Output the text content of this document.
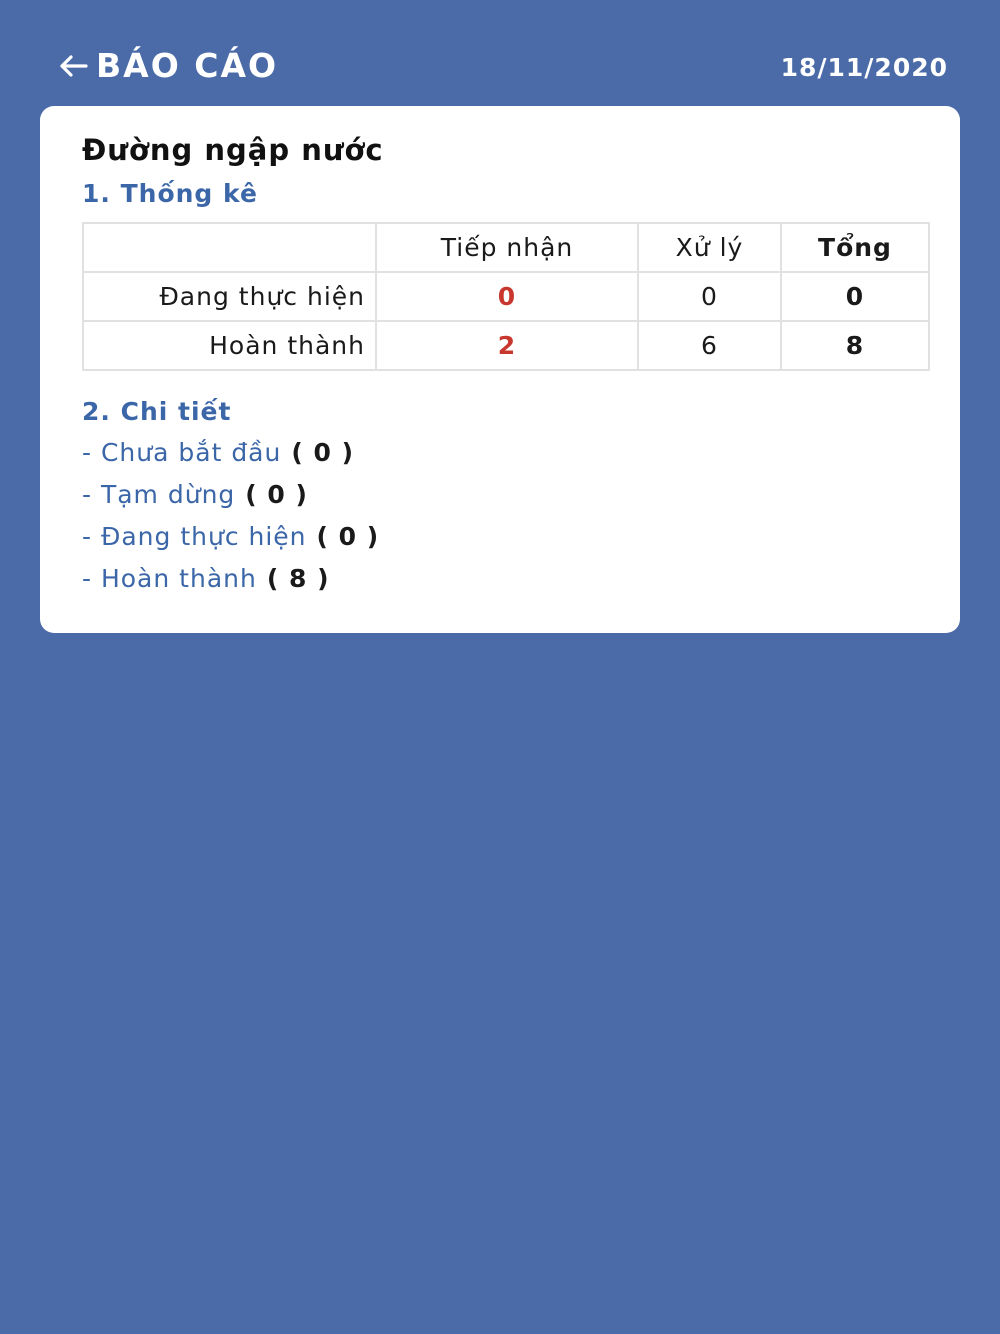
BÁO CÁO	18/11/2020
Đường ngập nước
1. Thống kê
	Tiếp nhận	Xử lý	Tổng
Đang thực hiện	0	0	0
Hoàn thành	2	6	8
2. Chi tiết
- Chưa bắt đầu ( 0 )
- Tạm dừng ( 0 )
- Đang thực hiện ( 0 )
- Hoàn thành ( 8 )
